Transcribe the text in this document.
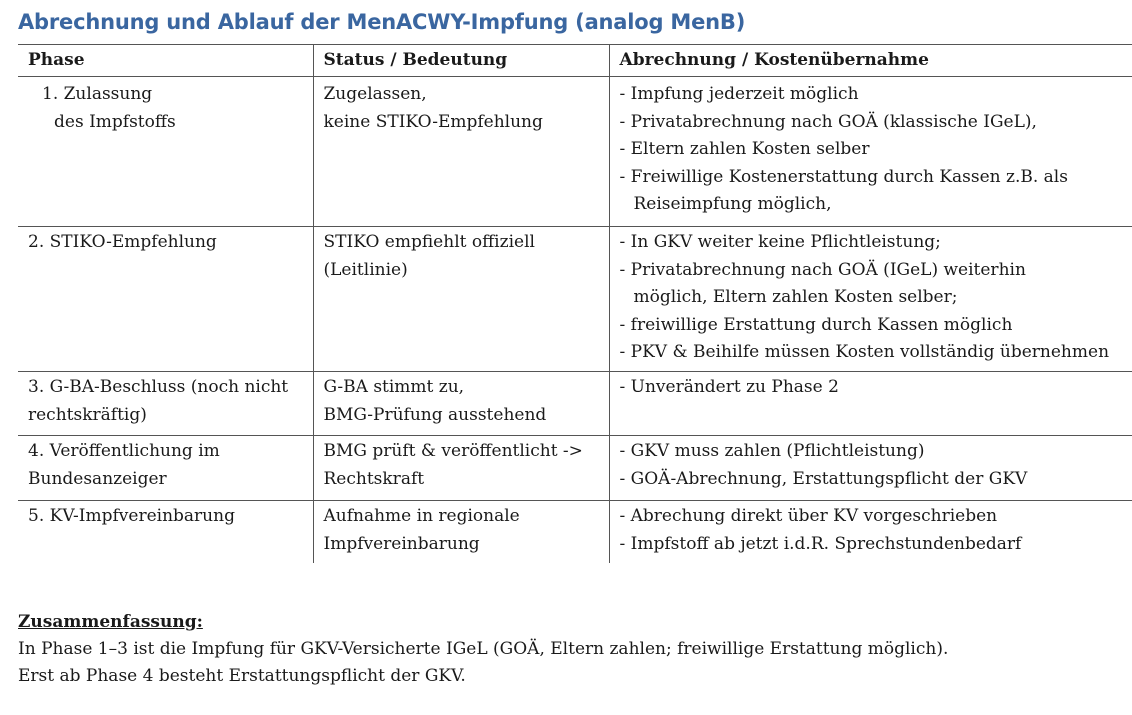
Abrechnung und Ablauf der MenACWY-Impfung (analog MenB)
Phase	Status / Bedeutung	Abrechnung / Kostenübernahme

1. Zulassung
des Impfstoffs	Zugelassen,
keine STIKO-Empfehlung	- Impfung jederzeit möglich
- Privatabrechnung nach GOÄ (klassische IGeL),
- Eltern zahlen Kosten selber
- Freiwillige Kostenerstattung durch Kassen z.B. als
Reiseimpfung möglich,

2. STIKO-Empfehlung	STIKO empfiehlt offiziell
(Leitlinie)	- In GKV weiter keine Pflichtleistung;
- Privatabrechnung nach GOÄ (IGeL) weiterhin
möglich, Eltern zahlen Kosten selber;
- freiwillige Erstattung durch Kassen möglich
- PKV & Beihilfe müssen Kosten vollständig übernehmen

3. G-BA-Beschluss (noch nicht
rechtskräftig)	G-BA stimmt zu,
BMG-Prüfung ausstehend	- Unverändert zu Phase 2

4. Veröffentlichung im
Bundesanzeiger	BMG prüft & veröffentlicht ->
Rechtskraft	- GKV muss zahlen (Pflichtleistung)
- GOÄ-Abrechnung, Erstattungspflicht der GKV

5. KV-Impfvereinbarung	Aufnahme in regionale
Impfvereinbarung	- Abrechung direkt über KV vorgeschrieben
- Impfstoff ab jetzt i.d.R. Sprechstundenbedarf
Zusammenfassung:
In Phase 1–3 ist die Impfung für GKV-Versicherte IGeL (GOÄ, Eltern zahlen; freiwillige Erstattung möglich).
Erst ab Phase 4 besteht Erstattungspflicht der GKV.
